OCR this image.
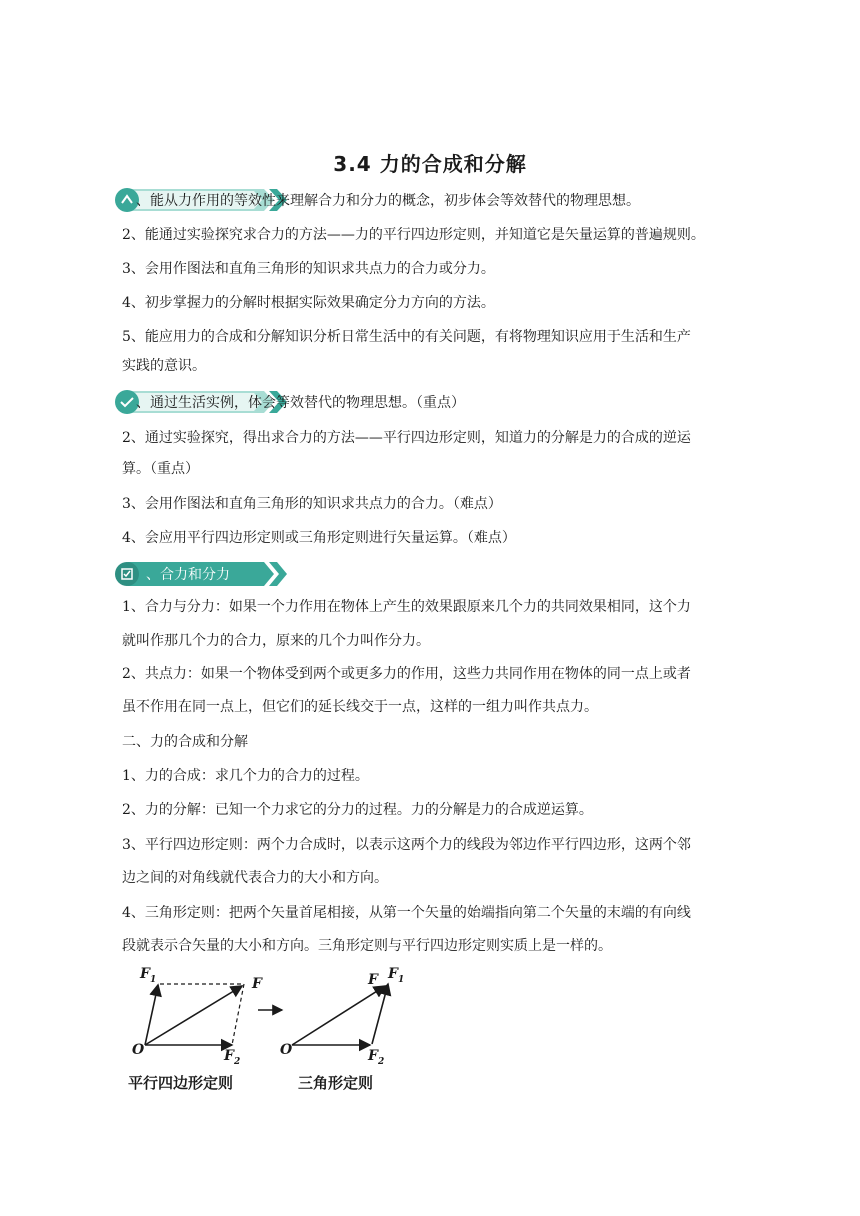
3.4 力的合成和分解
、能从力作用的等效性来理解合力和分力的概念，初步体会等效替代的物理思想。
2、能通过实验探究求合力的方法——力的平行四边形定则，并知道它是矢量运算的普遍规则。
3、会用作图法和直角三角形的知识求共点力的合力或分力。
4、初步掌握力的分解时根据实际效果确定分力方向的方法。
5、能应用力的合成和分解知识分析日常生活中的有关问题，有将物理知识应用于生活和生产
实践的意识。
、通过生活实例，体会等效替代的物理思想。（重点）
2、通过实验探究，得出求合力的方法——平行四边形定则，知道力的分解是力的合成的逆运
算。（重点）
3、会用作图法和直角三角形的知识求共点力的合力。（难点）
4、会应用平行四边形定则或三角形定则进行矢量运算。（难点）
、合力和分力
1、合力与分力：如果一个力作用在物体上产生的效果跟原来几个力的共同效果相同，这个力
就叫作那几个力的合力，原来的几个力叫作分力。
2、共点力：如果一个物体受到两个或更多力的作用，这些力共同作用在物体的同一点上或者
虽不作用在同一点上，但它们的延长线交于一点，这样的一组力叫作共点力。
二、力的合成和分解
1、力的合成：求几个力的合力的过程。
2、力的分解：已知一个力求它的分力的过程。力的分解是力的合成逆运算。
3、平行四边形定则：两个力合成时，以表示这两个力的线段为邻边作平行四边形，这两个邻
边之间的对角线就代表合力的大小和方向。
4、三角形定则：把两个矢量首尾相接，从第一个矢量的始端指向第二个矢量的末端的有向线
段就表示合矢量的大小和方向。三角形定则与平行四边形定则实质上是一样的。
$F_1$	F
O	$F_2$
F $F_1$
O	$F_2$
平行四边形定则	三角形定则
